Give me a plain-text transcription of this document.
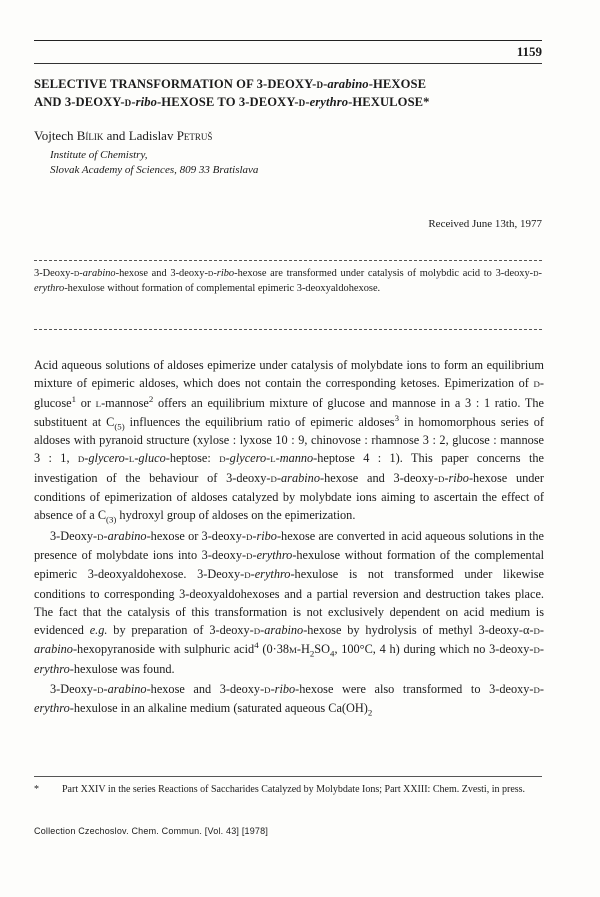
1159
SELECTIVE TRANSFORMATION OF 3-DEOXY-D-arabino-HEXOSE
AND 3-DEOXY-D-ribo-HEXOSE TO 3-DEOXY-D-erythro-HEXULOSE*
Vojtech Bílik and Ladislav Petruš
Institute of Chemistry,
Slovak Academy of Sciences, 809 33 Bratislava
Received June 13th, 1977
3-Deoxy-D-arabino-hexose and 3-deoxy-D-ribo-hexose are transformed under catalysis of molybdic acid to 3-deoxy-D-erythro-hexulose without formation of complemental epimeric 3-deoxyaldohexose.

Acid aqueous solutions of aldoses epimerize under catalysis of molybdate ions to form an equilibrium mixture of epimeric aldoses, which does not contain the corresponding ketoses. Epimerization of D-glucose$^1$ or L-mannose$^2$ offers an equilibrium mixture of glucose and mannose in a 3 : 1 ratio. The substituent at $C_{(5)}$ influences the equilibrium ratio of epimeric aldoses$^3$ in homomorphous series of aldoses with pyranoid structure (xylose : lyxose 10 : 9, chinovose : rhamnose 3 : 2, glucose : mannose 3 : 1, D-glycero-L-gluco-heptose: D-glycero-L-manno-heptose 4 : 1). This paper concerns the investigation of the behaviour of 3-deoxy-D-arabino-hexose and 3-deoxy-D-ribo-hexose under conditions of epimerization of aldoses catalyzed by molybdate ions aiming to ascertain the effect of absence of a $C_{(3)}$ hydroxyl group of aldoses on the epimerization.

3-Deoxy-D-arabino-hexose or 3-deoxy-D-ribo-hexose are converted in acid aqueous solutions in the presence of molybdate ions into 3-deoxy-D-erythro-hexulose without formation of the complemental epimeric 3-deoxyaldohexose. 3-Deoxy-D-erythro-hexulose is not transformed under likewise conditions to corresponding 3-deoxyaldohexoses and a partial reversion and destruction takes place. The fact that the catalysis of this transformation is not exclusively dependent on acid medium is evidenced e.g. by preparation of 3-deoxy-D-arabino-hexose by hydrolysis of methyl 3-deoxy-α-D-arabino-hexopyranoside with sulphuric acid$^4$ ($0\cdot 38M-H_2SO_4$, 100°C, 4 h) during which no 3-deoxy-D-erythro-hexulose was found.

3-Deoxy-D-arabino-hexose and 3-deoxy-D-ribo-hexose were also transformed to 3-deoxy-D-erythro-hexulose in an alkaline medium (saturated aqueous $Ca(OH)_2$

* Part XXIV in the series Reactions of Saccharides Catalyzed by Molybdate Ions; Part XXIII: Chem. Zvesti, in press.
Collection Czechoslov. Chem. Commun. [Vol. 43] [1978]
